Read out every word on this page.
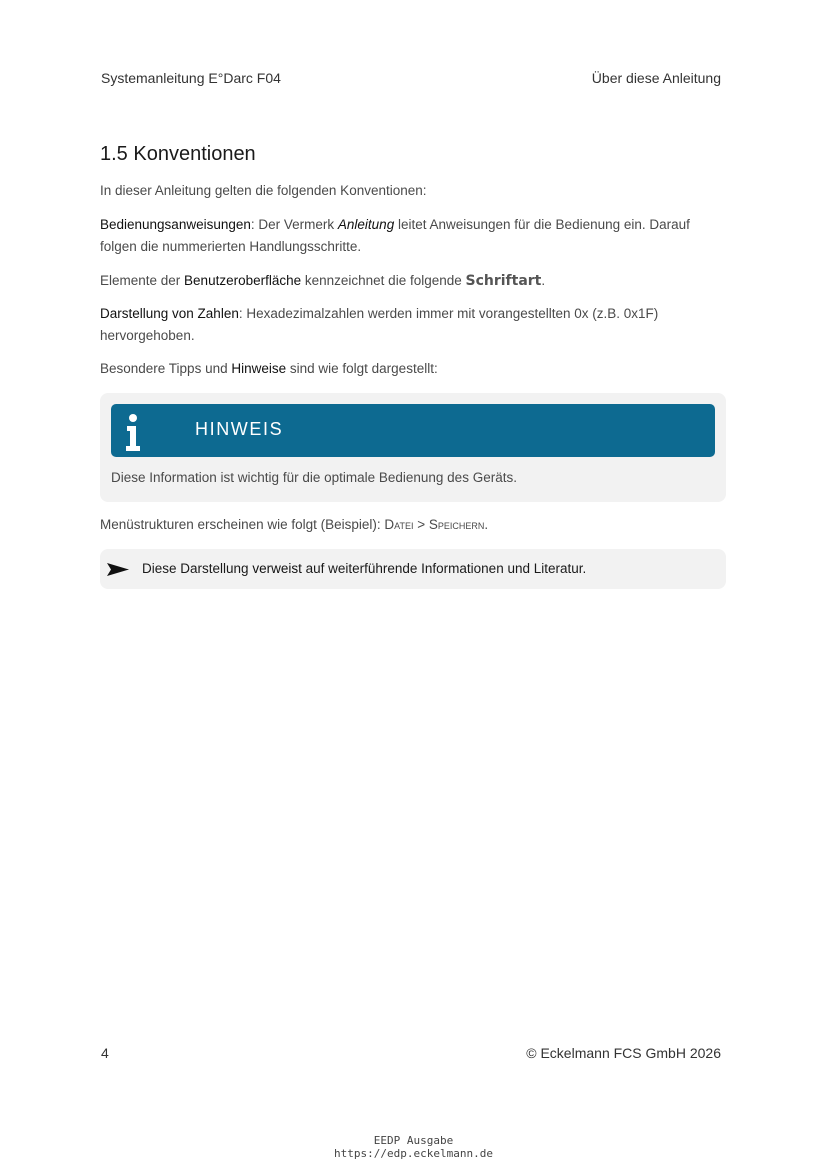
Systemanleitung E°Darc F04	Über diese Anleitung
1.5 Konventionen

In dieser Anleitung gelten die folgenden Konventionen:

Bedienungsanweisungen: Der Vermerk Anleitung leitet Anweisungen für die Bedienung ein. Darauf folgen die nummerierten Handlungsschritte.

Elemente der Benutzeroberfläche kennzeichnet die folgende Schriftart.

Darstellung von Zahlen: Hexadezimalzahlen werden immer mit vorangestellten 0x (z.B. 0x1F) hervorgehoben.

Besondere Tipps und Hinweise sind wie folgt dargestellt:

HINWEIS
Diese Information ist wichtig für die optimale Bedienung des Geräts.

Menüstrukturen erscheinen wie folgt (Beispiel): Datei > Speichern.

Diese Darstellung verweist auf weiterführende Informationen und Literatur.
4	© Eckelmann FCS GmbH 2026
EEDP Ausgabe
https://edp.eckelmann.de
